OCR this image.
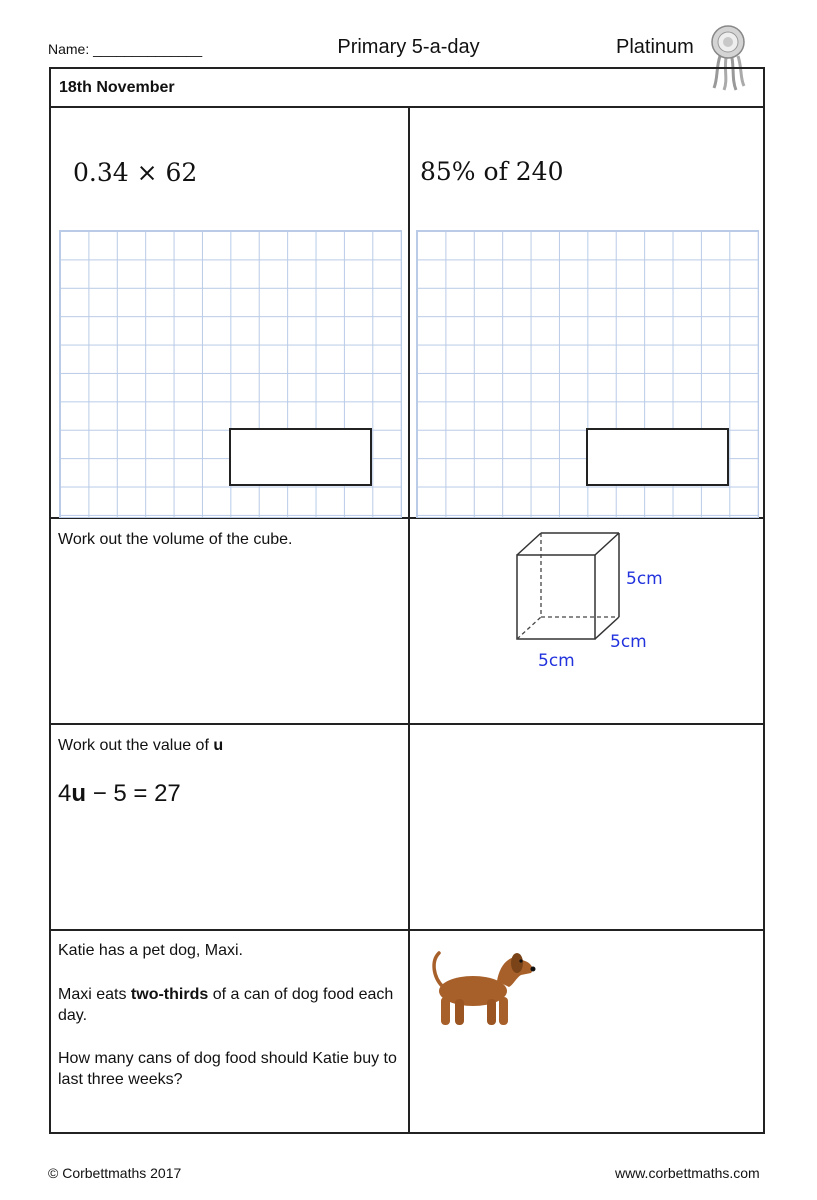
Name: ______________	Primary 5-a-day	Platinum
18th November
0.34 × 62	85% of 240
Work out the volume of the cube.
5cm
5cm
5cm
Work out the value of u
4u − 5 = 27
Katie has a pet dog, Maxi.
Maxi eats two-thirds of a can of dog food each day.
How many cans of dog food should Katie buy to last three weeks?
© Corbettmaths 2017	www.corbettmaths.com
